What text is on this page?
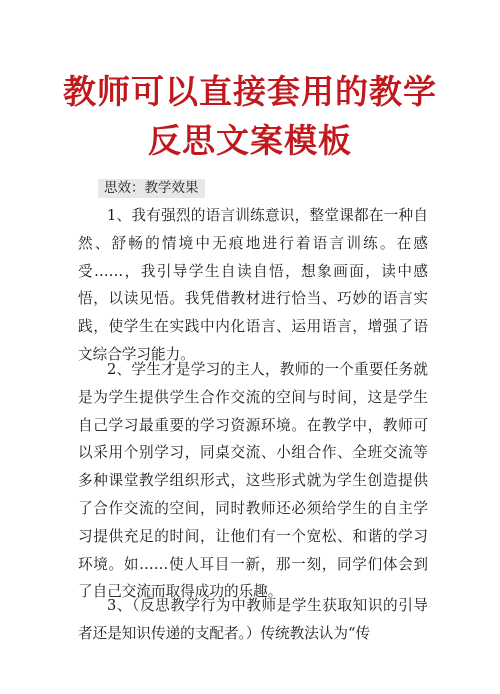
教师可以直接套用的教学
反思文案模板
思效：教学效果
1、我有强烈的语言训练意识，整堂课都在一种自然、舒畅的情境中无痕地进行着语言训练。在感受……，我引导学生自读自悟，想象画面，读中感悟，以读见悟。我凭借教材进行恰当、巧妙的语言实践，使学生在实践中内化语言、运用语言，增强了语文综合学习能力。
2、学生才是学习的主人，教师的一个重要任务就是为学生提供学生合作交流的空间与时间，这是学生自己学习最重要的学习资源环境。在教学中，教师可以采用个别学习，同桌交流、小组合作、全班交流等多种课堂教学组织形式，这些形式就为学生创造提供了合作交流的空间，同时教师还必须给学生的自主学习提供充足的时间，让他们有一个宽松、和谐的学习环境。如……使人耳目一新，那一刻，同学们体会到了自己交流而取得成功的乐趣。
3、（反思教学行为中教师是学生获取知识的引导者还是知识传递的支配者。）传统教法认为“传
